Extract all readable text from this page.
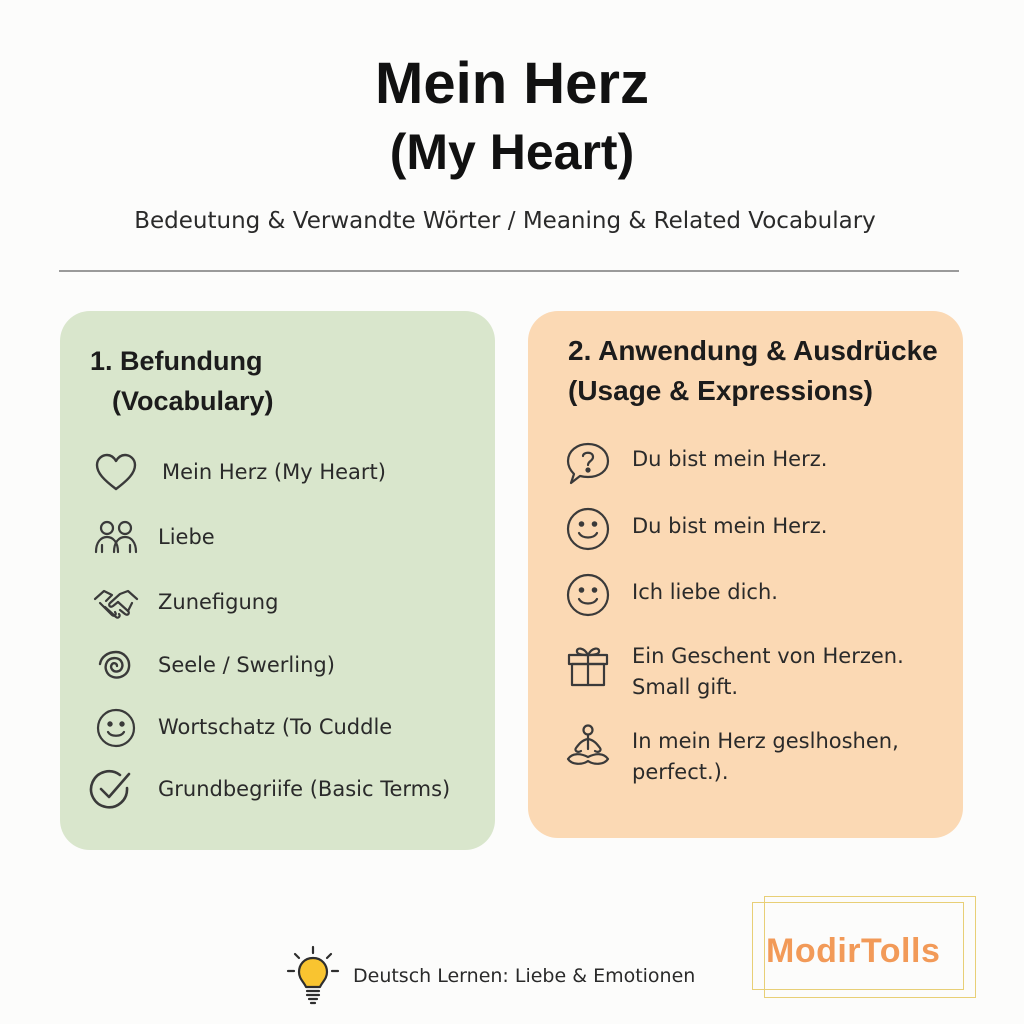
Mein Herz
(My Heart)
Bedeutung & Verwandte Wörter / Meaning & Related Vocabulary
1. Befundung
(Vocabulary)
Mein Herz (My Heart)
Liebe
Zunefigung
Seele / Swerling)
Wortschatz (To Cuddle
Grundbegriife (Basic Terms)
2. Anwendung & Ausdrücke
(Usage & Expressions)
Du bist mein Herz.
Du bist mein Herz.
Ich liebe dich.
Ein Geschent von Herzen.
Small gift.
In mein Herz geslhoshen,
perfect.).
Deutsch Lernen: Liebe & Emotionen
ModirTolls
